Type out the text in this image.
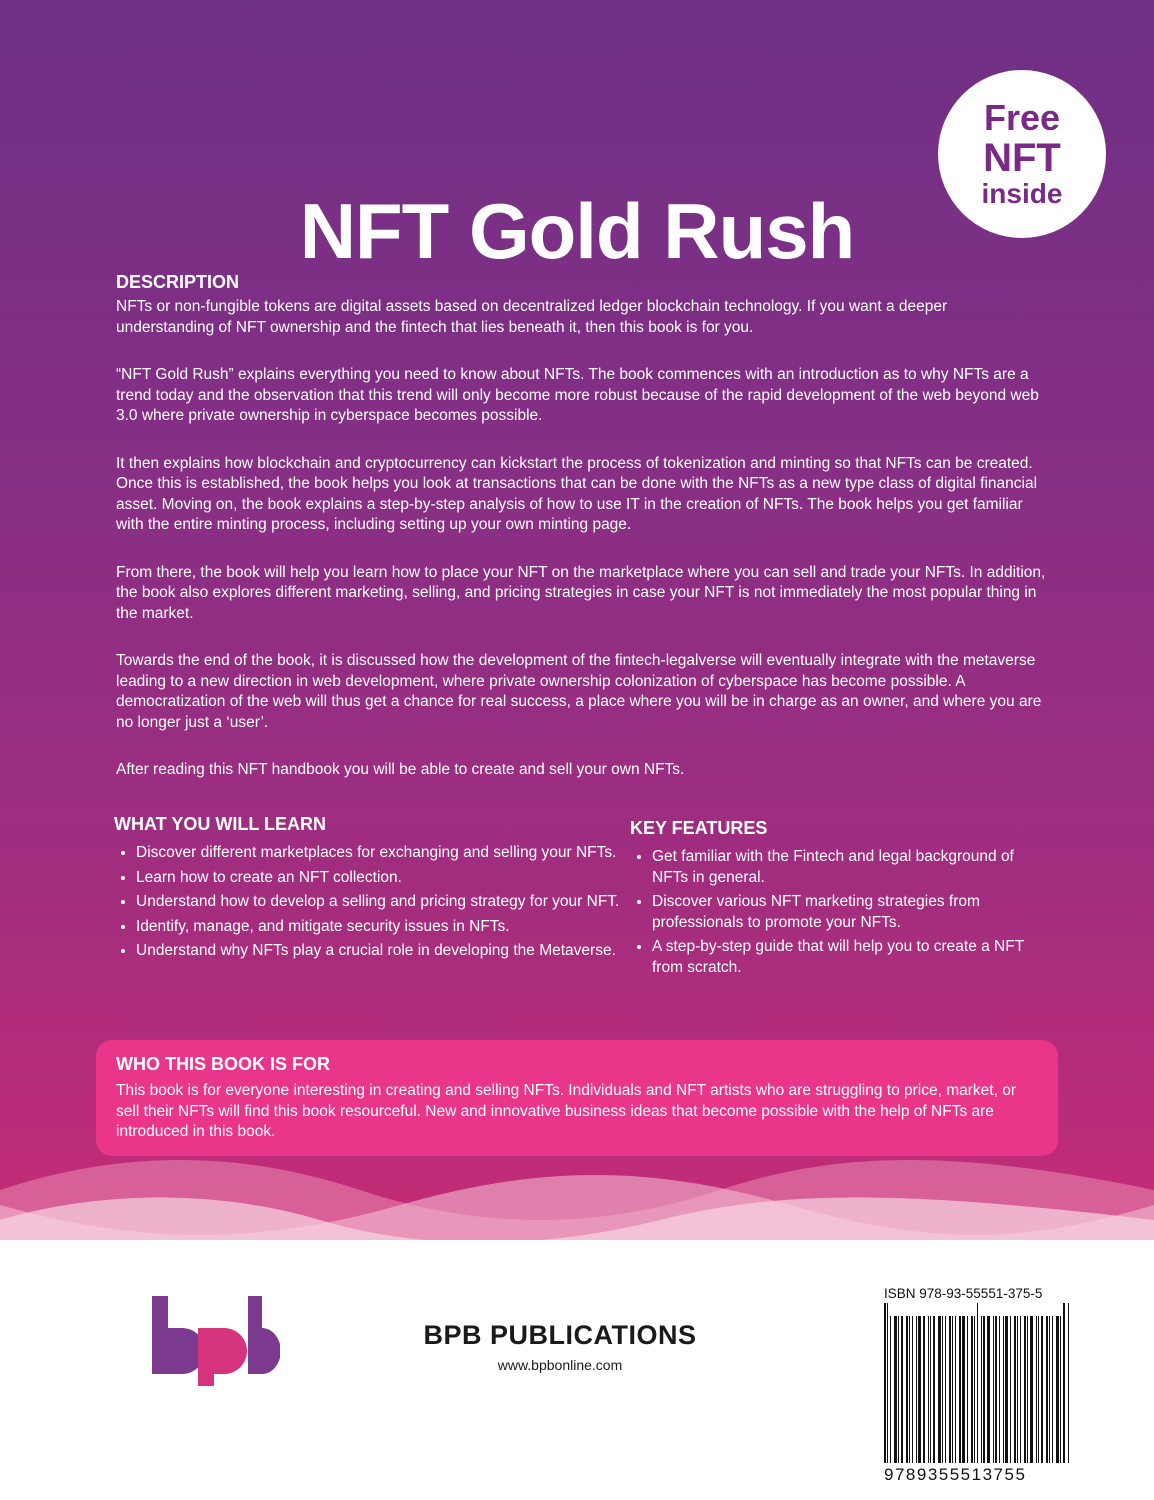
Free
NFT
inside
NFT Gold Rush
DESCRIPTION

NFTs or non-fungible tokens are digital assets based on decentralized ledger blockchain technology. If you want a deeper understanding of NFT ownership and the fintech that lies beneath it, then this book is for you.

“NFT Gold Rush” explains everything you need to know about NFTs. The book commences with an introduction as to why NFTs are a trend today and the observation that this trend will only become more robust because of the rapid development of the web beyond web 3.0 where private ownership in cyberspace becomes possible.

It then explains how blockchain and cryptocurrency can kickstart the process of tokenization and minting so that NFTs can be created. Once this is established, the book helps you look at transactions that can be done with the NFTs as a new type class of digital financial asset. Moving on, the book explains a step-by-step analysis of how to use IT in the creation of NFTs. The book helps you get familiar with the entire minting process, including setting up your own minting page.

From there, the book will help you learn how to place your NFT on the marketplace where you can sell and trade your NFTs. In addition, the book also explores different marketing, selling, and pricing strategies in case your NFT is not immediately the most popular thing in the market.

Towards the end of the book, it is discussed how the development of the fintech-legalverse will eventually integrate with the metaverse leading to a new direction in web development, where private ownership colonization of cyberspace has become possible. A democratization of the web will thus get a chance for real success, a place where you will be in charge as an owner, and where you are no longer just a ‘user’.

After reading this NFT handbook you will be able to create and sell your own NFTs.

WHAT YOU WILL LEARN
• Discover different marketplaces for exchanging and selling your NFTs.
• Learn how to create an NFT collection.
• Understand how to develop a selling and pricing strategy for your NFT.
• Identify, manage, and mitigate security issues in NFTs.
• Understand why NFTs play a crucial role in developing the Metaverse.
KEY FEATURES
• Get familiar with the Fintech and legal background of NFTs in general.
• Discover various NFT marketing strategies from professionals to promote your NFTs.
• A step-by-step guide that will help you to create a NFT from scratch.
WHO THIS BOOK IS FOR

This book is for everyone interesting in creating and selling NFTs. Individuals and NFT artists who are struggling to price, market, or sell their NFTs will find this book resourceful. New and innovative business ideas that become possible with the help of NFTs are introduced in this book.

BPB PUBLICATIONS
www.bpbonline.com
ISBN 978-93-55551-375-5
9789355513755
